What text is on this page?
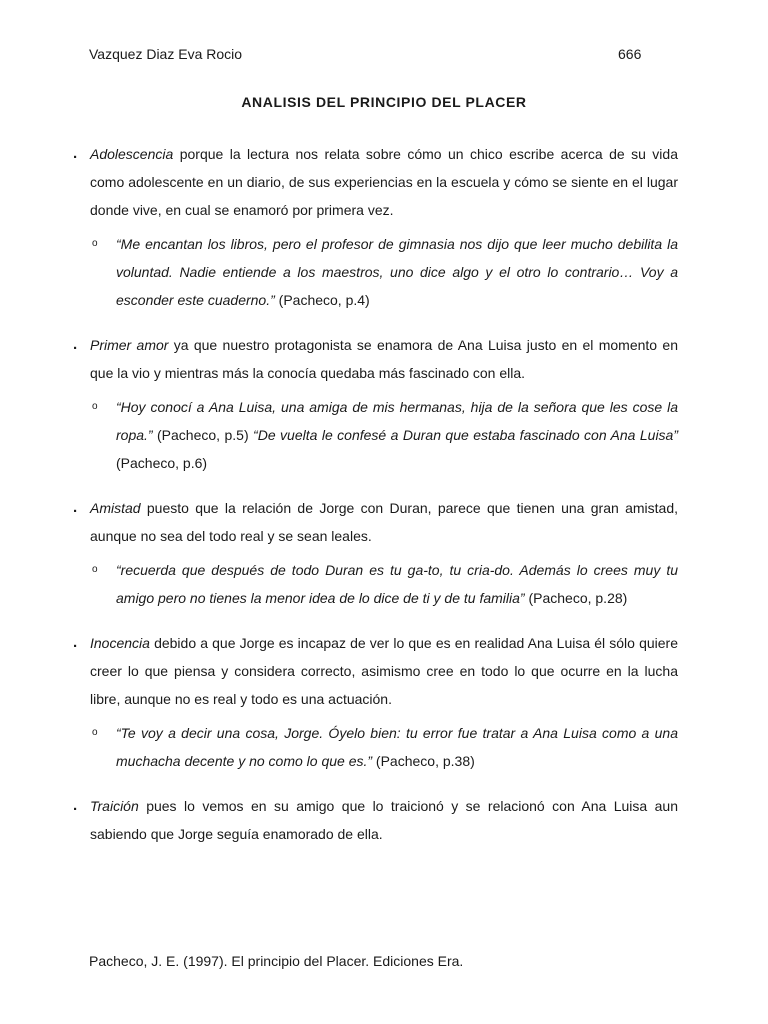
Vazquez Diaz Eva Rocio	666
ANALISIS DEL PRINCIPIO DEL PLACER
. Adolescencia porque la lectura nos relata sobre cómo un chico escribe acerca de su vida como adolescente en un diario, de sus experiencias en la escuela y cómo se siente en el lugar donde vive, en cual se enamoró por primera vez.
o “Me encantan los libros, pero el profesor de gimnasia nos dijo que leer mucho debilita la voluntad. Nadie entiende a los maestros, uno dice algo y el otro lo contrario… Voy a esconder este cuaderno.” (Pacheco, p.4)
. Primer amor ya que nuestro protagonista se enamora de Ana Luisa justo en el momento en que la vio y mientras más la conocía quedaba más fascinado con ella.
o “Hoy conocí a Ana Luisa, una amiga de mis hermanas, hija de la señora que les cose la ropa.” (Pacheco, p.5) “De vuelta le confesé a Duran que estaba fascinado con Ana Luisa” (Pacheco, p.6)
. Amistad puesto que la relación de Jorge con Duran, parece que tienen una gran amistad, aunque no sea del todo real y se sean leales.
o “recuerda que después de todo Duran es tu ga-to, tu cria-do. Además lo crees muy tu amigo pero no tienes la menor idea de lo dice de ti y de tu familia” (Pacheco, p.28)
. Inocencia debido a que Jorge es incapaz de ver lo que es en realidad Ana Luisa él sólo quiere creer lo que piensa y considera correcto, asimismo cree en todo lo que ocurre en la lucha libre, aunque no es real y todo es una actuación.
o “Te voy a decir una cosa, Jorge. Óyelo bien: tu error fue tratar a Ana Luisa como a una muchacha decente y no como lo que es.” (Pacheco, p.38)
. Traición pues lo vemos en su amigo que lo traicionó y se relacionó con Ana Luisa aun sabiendo que Jorge seguía enamorado de ella.
Pacheco, J. E. (1997). El principio del Placer. Ediciones Era.
